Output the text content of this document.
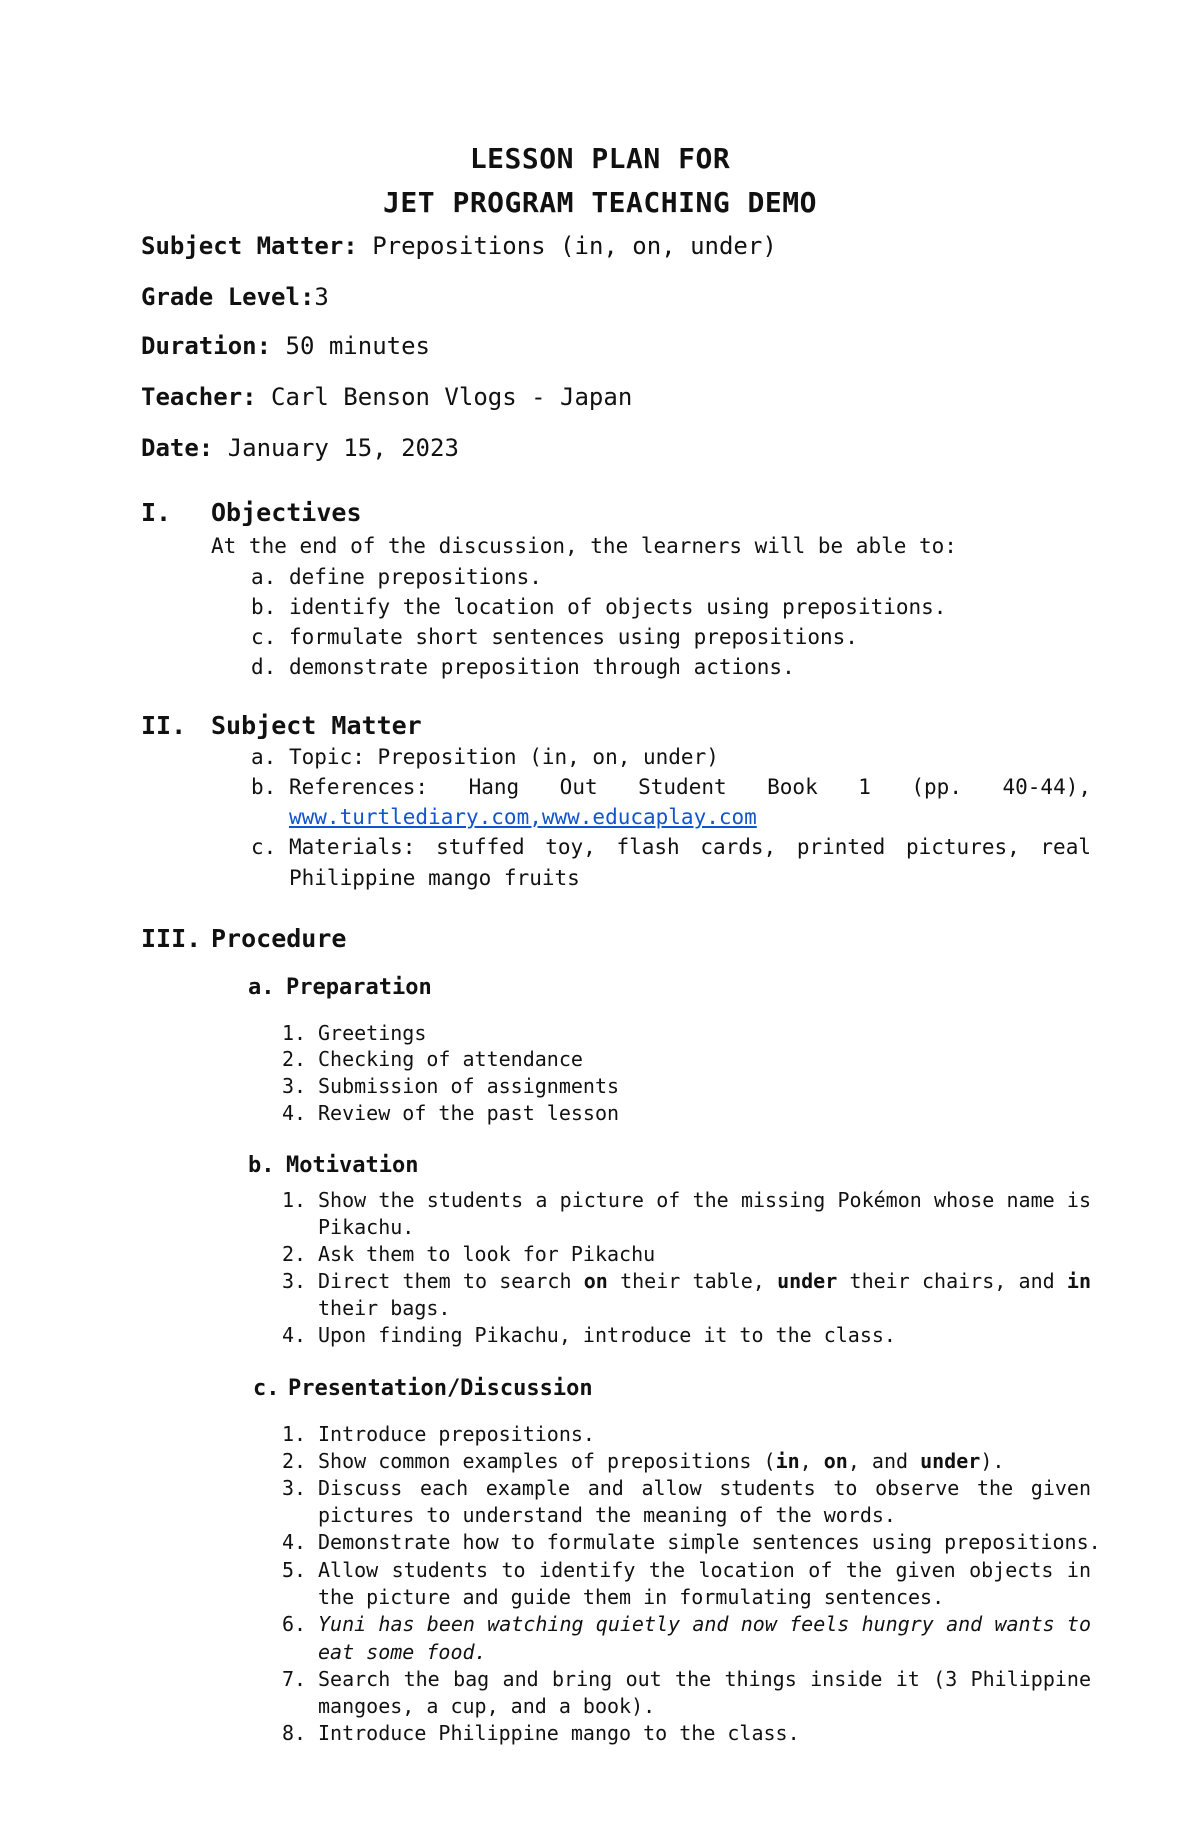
LESSON PLAN FOR
JET PROGRAM TEACHING DEMO
Subject Matter: Prepositions (in, on, under)
Grade Level:3
Duration: 50 minutes
Teacher: Carl Benson Vlogs - Japan
Date: January 15, 2023
I. Objectives
At the end of the discussion, the learners will be able to:
a. define prepositions.
b. identify the location of objects using prepositions.
c. formulate short sentences using prepositions.
d. demonstrate preposition through actions.
II. Subject Matter
a. Topic: Preposition (in, on, under)
b. References: Hang Out Student Book 1 (pp. 40-44),
www.turtlediary.com,www.educaplay.com
c. Materials: stuffed toy, flash cards, printed pictures, real
Philippine mango fruits
III. Procedure
a. Preparation
1. Greetings
2. Checking of attendance
3. Submission of assignments
4. Review of the past lesson
b. Motivation
1. Show the students a picture of the missing Pokémon whose name is
Pikachu.
2. Ask them to look for Pikachu
3. Direct them to search on their table, under their chairs, and in
their bags.
4. Upon finding Pikachu, introduce it to the class.
c. Presentation/Discussion
1. Introduce prepositions.
2. Show common examples of prepositions (in, on, and under).
3. Discuss each example and allow students to observe the given
pictures to understand the meaning of the words.
4. Demonstrate how to formulate simple sentences using prepositions.
5. Allow students to identify the location of the given objects in
the picture and guide them in formulating sentences.
6. Yuni has been watching quietly and now feels hungry and wants to
eat some food.
7. Search the bag and bring out the things inside it (3 Philippine
mangoes, a cup, and a book).
8. Introduce Philippine mango to the class.
